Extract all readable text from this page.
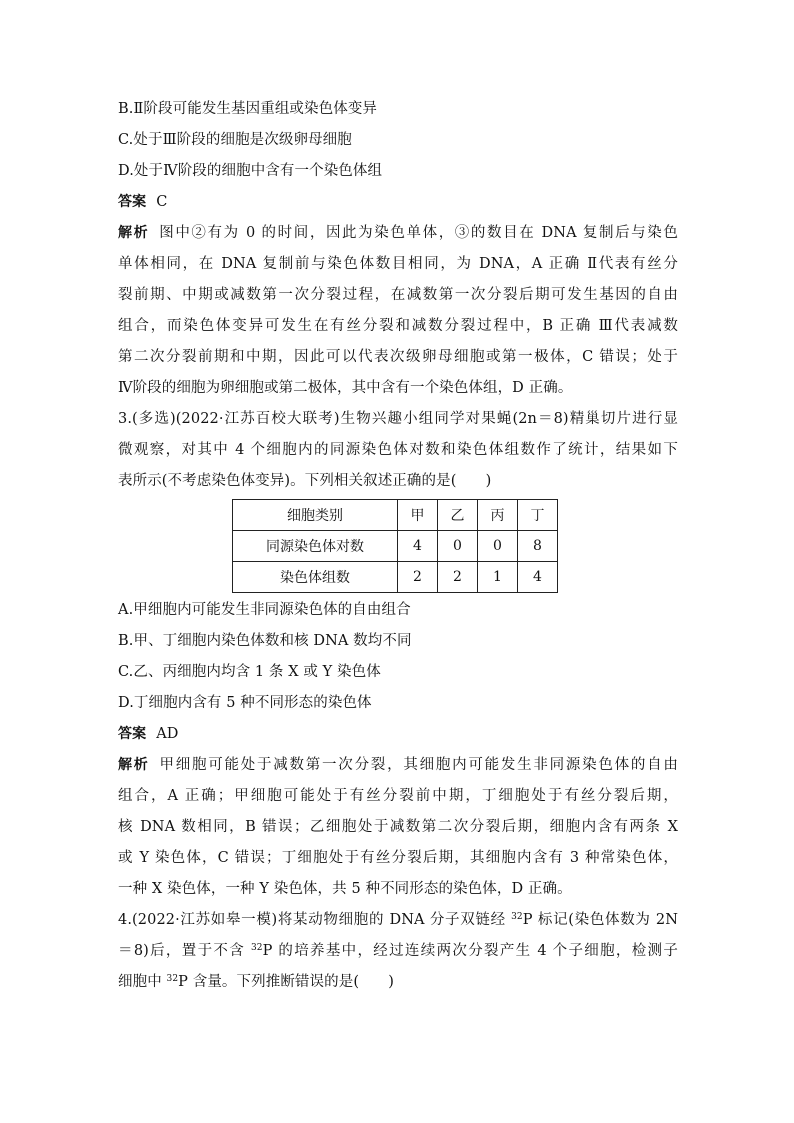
B.Ⅱ阶段可能发生基因重组或染色体变异
C.处于Ⅲ阶段的细胞是次级卵母细胞
D.处于Ⅳ阶段的细胞中含有一个染色体组
答案 C
解析 图中②有为 0 的时间，因此为染色单体，③的数目在 DNA 复制后与染色
单体相同，在 DNA 复制前与染色体数目相同，为 DNA，A 正确 Ⅱ代表有丝分
裂前期、中期或减数第一次分裂过程，在减数第一次分裂后期可发生基因的自由
组合，而染色体变异可发生在有丝分裂和减数分裂过程中，B 正确 Ⅲ代表减数
第二次分裂前期和中期，因此可以代表次级卵母细胞或第一极体，C 错误；处于
Ⅳ阶段的细胞为卵细胞或第二极体，其中含有一个染色体组，D 正确。
3.(多选)(2022·江苏百校大联考)生物兴趣小组同学对果蝇(2n＝8)精巢切片进行显
微观察，对其中 4 个细胞内的同源染色体对数和染色体组数作了统计，结果如下
表所示(不考虑染色体变异)。下列相关叙述正确的是(　　)
细胞类别	甲	乙	丙	丁
同源染色体对数	4	0	0	8
染色体组数	2	2	1	4
A.甲细胞内可能发生非同源染色体的自由组合
B.甲、丁细胞内染色体数和核 DNA 数均不同
C.乙、丙细胞内均含 1 条 X 或 Y 染色体
D.丁细胞内含有 5 种不同形态的染色体
答案 AD
解析 甲细胞可能处于减数第一次分裂，其细胞内可能发生非同源染色体的自由
组合，A 正确；甲细胞可能处于有丝分裂前中期，丁细胞处于有丝分裂后期，
核 DNA 数相同，B 错误；乙细胞处于减数第二次分裂后期，细胞内含有两条 X
或 Y 染色体，C 错误；丁细胞处于有丝分裂后期，其细胞内含有 3 种常染色体，
一种 X 染色体，一种 Y 染色体，共 5 种不同形态的染色体，D 正确。
4.(2022·江苏如皋一模)将某动物细胞的 DNA 分子双链经 $^{32}$P 标记(染色体数为 2N
＝8)后，置于不含 $^{32}$P 的培养基中，经过连续两次分裂产生 4 个子细胞，检测子
细胞中 $^{32}$P 含量。下列推断错误的是(　　)
